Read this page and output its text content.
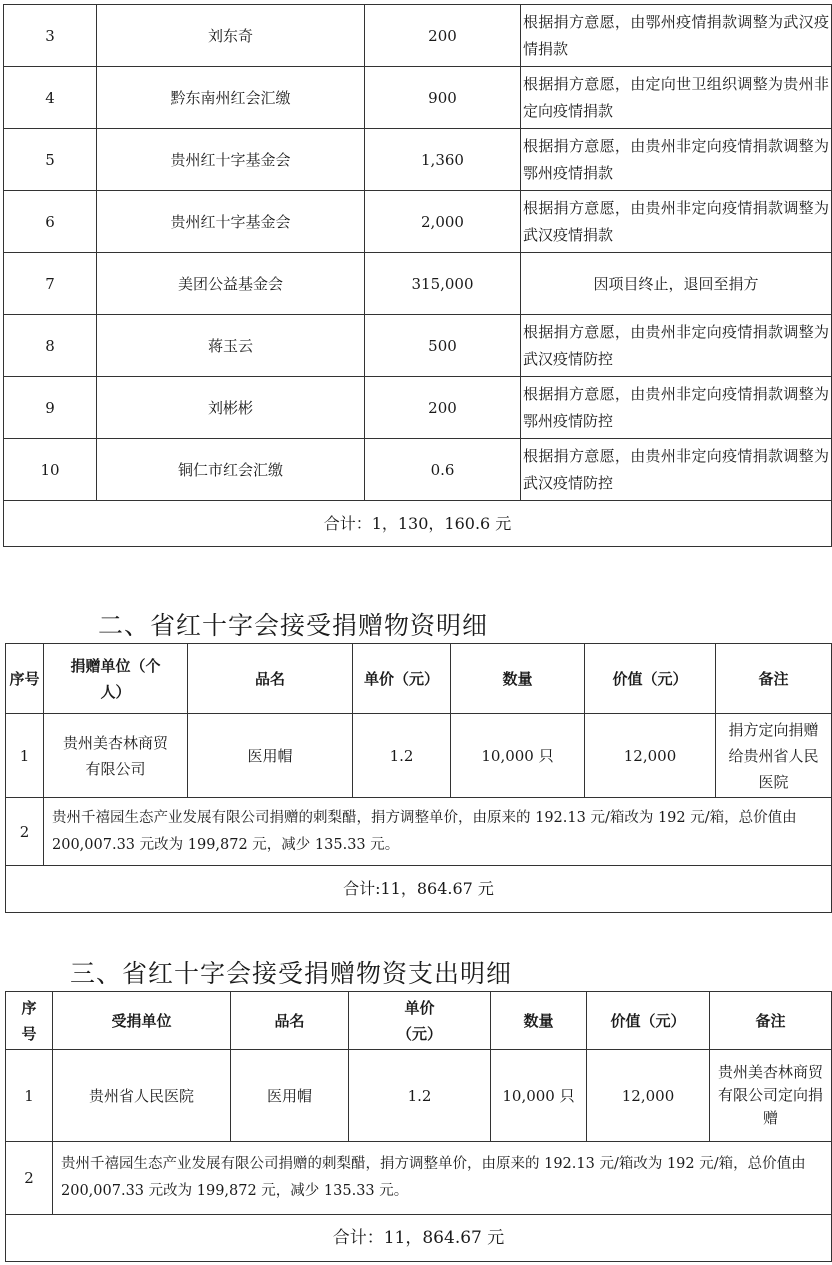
3	刘东奇	200	根据捐方意愿，由鄂州疫情捐款调整为武汉疫情捐款
4	黔东南州红会汇缴	900	根据捐方意愿，由定向世卫组织调整为贵州非定向疫情捐款
5	贵州红十字基金会	1,360	根据捐方意愿，由贵州非定向疫情捐款调整为鄂州疫情捐款
6	贵州红十字基金会	2,000	根据捐方意愿，由贵州非定向疫情捐款调整为武汉疫情捐款
7	美团公益基金会	315,000	因项目终止，退回至捐方
8	蒋玉云	500	根据捐方意愿，由贵州非定向疫情捐款调整为武汉疫情防控
9	刘彬彬	200	根据捐方意愿，由贵州非定向疫情捐款调整为鄂州疫情防控
10	铜仁市红会汇缴	0.6	根据捐方意愿，由贵州非定向疫情捐款调整为武汉疫情防控
合计：1，130，160.6 元			
二、省红十字会接受捐赠物资明细
序号	捐赠单位（个人）	品名	单价（元）	数量	价值（元）	备注
1	贵州美杏林商贸有限公司	医用帽	1.2	10,000 只	12,000	捐方定向捐赠给贵州省人民医院
2	贵州千禧园生态产业发展有限公司捐赠的刺梨醋，捐方调整单价，由原来的 192.13 元/箱改为 192 元/箱，总价值由 200,007.33 元改为 199,872 元，减少 135.33 元。					
合计:11，864.67 元						
三、省红十字会接受捐赠物资支出明细
序号	受捐单位	品名	单价（元）	数量	价值（元）	备注
1	贵州省人民医院	医用帽	1.2	10,000 只	12,000	贵州美杏林商贸有限公司定向捐赠
2	贵州千禧园生态产业发展有限公司捐赠的刺梨醋，捐方调整单价，由原来的 192.13 元/箱改为 192 元/箱，总价值由 200,007.33 元改为 199,872 元，减少 135.33 元。					
合计：11，864.67 元						
